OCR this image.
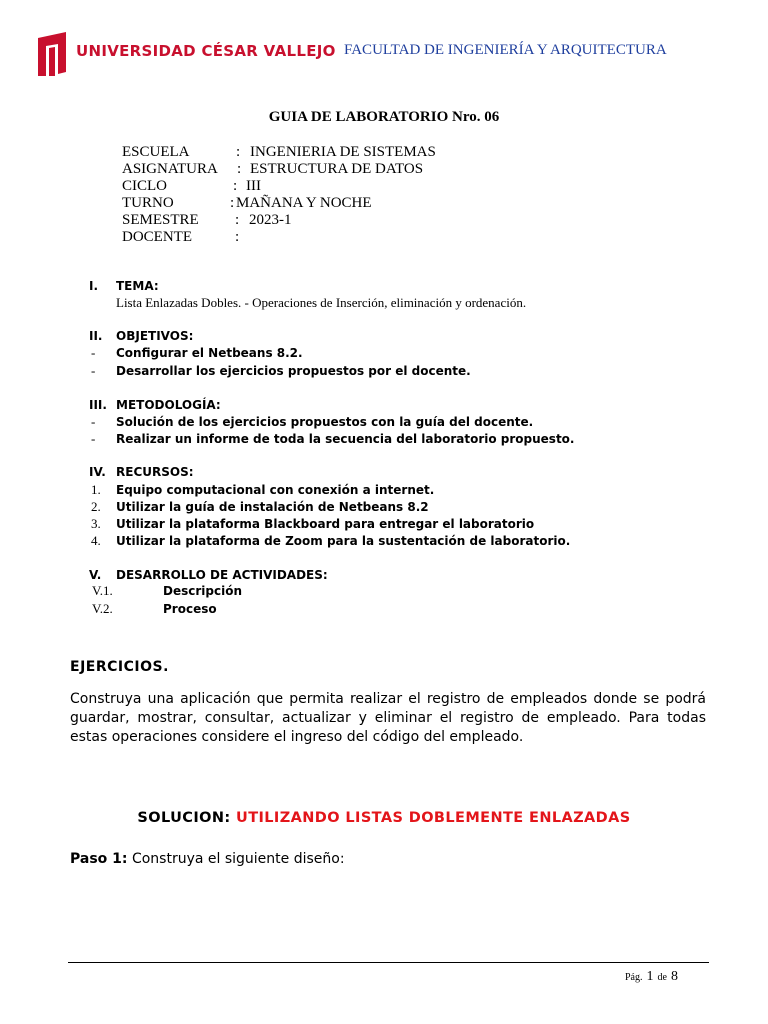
UNIVERSIDAD CÉSAR VALLEJO FACULTAD DE INGENIERÍA Y ARQUITECTURA
GUIA DE LABORATORIO Nro. 06
ESCUELA	: INGENIERIA DE SISTEMAS
ASIGNATURA : ESTRUCTURA DE DATOS
CICLO	: III
TURNO	: MAÑANA Y NOCHE
SEMESTRE : 2023-1
DOCENTE	:
I. TEMA:
Lista Enlazadas Dobles. - Operaciones de Inserción, eliminación y ordenación.
II. OBJETIVOS:
- Configurar el Netbeans 8.2.
- Desarrollar los ejercicios propuestos por el docente.
III. METODOLOGÍA:
- Solución de los ejercicios propuestos con la guía del docente.
- Realizar un informe de toda la secuencia del laboratorio propuesto.
IV. RECURSOS:
1. Equipo computacional con conexión a internet.
2. Utilizar la guía de instalación de Netbeans 8.2
3. Utilizar la plataforma Blackboard para entregar el laboratorio
4. Utilizar la plataforma de Zoom para la sustentación de laboratorio.
V. DESARROLLO DE ACTIVIDADES:
V.1.	Descripción
V.2.	Proceso
EJERCICIOS.
Construya una aplicación que permita realizar el registro de empleados donde se podrá guardar, mostrar, consultar, actualizar y eliminar el registro de empleado. Para todas estas operaciones considere el ingreso del código del empleado.
SOLUCION: UTILIZANDO LISTAS DOBLEMENTE ENLAZADAS
Paso 1: Construya el siguiente diseño:
Pág. 1 de 8
